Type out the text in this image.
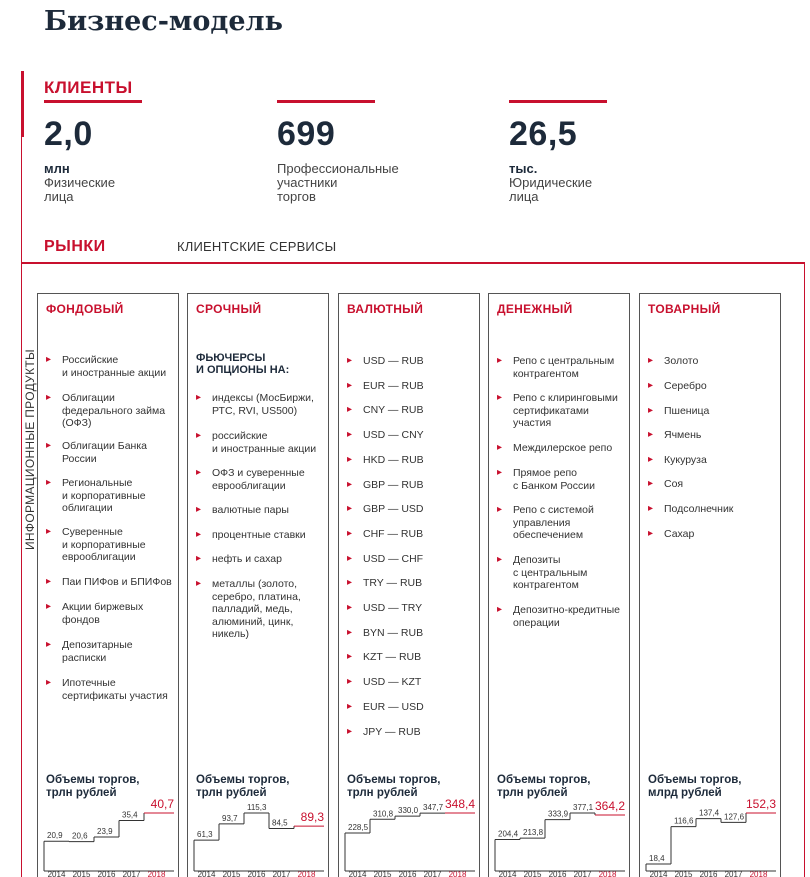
Бизнес-модель
КЛИЕНТЫ
2,0
млн
Физические
лица
699
Профессиональные
участники
торгов
26,5
тыс.
Юридические
лица
РЫНКИ	КЛИЕНТСКИЕ СЕРВИСЫ
ИНФОРМАЦИОННЫЕ ПРОДУКТЫ
ФОНДОВЫЙ
▸ Российские
и иностранные акции
▸ Облигации
федерального займа
(ОФЗ)
▸ Облигации Банка
России
▸ Региональные
и корпоративные
облигации
▸ Суверенные
и корпоративные
еврооблигации
▸ Паи ПИФов и БПИФов
▸ Акции биржевых
фондов
▸ Депозитарные
расписки
▸ Ипотечные
сертификаты участия
Объемы торгов,
трлн рублей
20,9
2014
20,6
2015
23,9
2016
35,4
2017
40,7
2018
СРОЧНЫЙ
ФЬЮЧЕРСЫ
И ОПЦИОНЫ НА:
▸ индексы (МосБиржи,
РТС, RVI, US500)
▸ российские
и иностранные акции
▸ ОФЗ и суверенные
еврооблигации
▸ валютные пары
▸ процентные ставки
▸ нефть и сахар
▸ металлы (золото,
серебро, платина,
палладий, медь,
алюминий, цинк,
никель)
Объемы торгов,
трлн рублей
61,3
2014
93,7
2015
115,3
2016
84,5
2017
89,3
2018
ВАЛЮТНЫЙ
▸ USD — RUB
▸ EUR — RUB
▸ CNY — RUB
▸ USD — CNY
▸ HKD — RUB
▸ GBP — RUB
▸ GBP — USD
▸ CHF — RUB
▸ USD — CHF
▸ TRY — RUB
▸ USD — TRY
▸ BYN — RUB
▸ KZT — RUB
▸ USD — KZT
▸ EUR — USD
▸ JPY — RUB
Объемы торгов,
трлн рублей
228,5
2014
310,8
2015
330,0
2016
347,7
2017
348,4
2018
ДЕНЕЖНЫЙ
▸ Репо с центральным
контрагентом
▸ Репо с клиринговыми
сертификатами
участия
▸ Междилерское репо
▸ Прямое репо
с Банком России
▸ Репо с системой
управления
обеспечением
▸ Депозиты
с центральным
контрагентом
▸ Депозитно-кредитные
операции
Объемы торгов,
трлн рублей
204,4
2014
213,8
2015
333,9
2016
377,1
2017
364,2
2018
ТОВАРНЫЙ
▸ Золото
▸ Серебро
▸ Пшеница
▸ Ячмень
▸ Кукуруза
▸ Соя
▸ Подсолнечник
▸ Сахар
Объемы торгов,
млрд рублей
18,4
2014
116,6
2015
137,4
2016
127,6
2017
152,3
2018
